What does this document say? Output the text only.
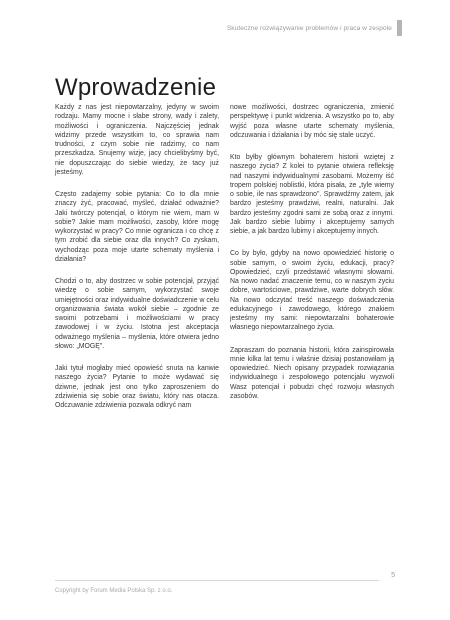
Skuteczne rozwiązywanie problemów i praca w zespole
Wprowadzenie

Każdy z nas jest niepowtarzalny, jedyny w swoim rodzaju. Mamy mocne i słabe strony, wady i zalety, możliwości i ograniczenia. Najczęściej jednak widzimy przede wszystkim to, co sprawia nam trudności, z czym sobie nie radzimy, co nam przeszkadza. Snujemy wizje, jacy chcielibyśmy być, nie dopuszczając do siebie wiedzy, że tacy już jesteśmy.

Często zadajemy sobie pytania: Co to dla mnie znaczy żyć, pracować, myśleć, działać odważnie? Jaki twórczy potencjał, o którym nie wiem, mam w sobie? Jakie mam możliwości, zasoby, które mogę wykorzystać w pracy? Co mnie ogranicza i co chcę z tym zrobić dla siebie oraz dla innych? Co zyskam, wychodząc poza moje utarte schematy myślenia i działania?

Chodzi o to, aby dostrzec w sobie potencjał, przyjąć wiedzę o sobie samym, wykorzystać swoje umiejętności oraz indywidualne doświadczenie w celu organizowania świata wokół siebie – zgodnie ze swoimi potrzebami i możliwościami w pracy zawodowej i w życiu. Istotna jest akceptacja odważnego myślenia – myślenia, które otwiera jedno słowo: „MOGĘ".

Jaki tytuł mogłaby mieć opowieść snuta na kanwie naszego życia? Pytanie to może wydawać się dziwne, jednak jest ono tylko zaproszeniem do zdziwienia się sobie oraz światu, który nas otacza. Odczuwanie zdziwienia pozwala odkryć nam

nowe możliwości, dostrzec ograniczenia, zmienić perspektywę i punkt widzenia. A wszystko po to, aby wyjść poza własne utarte schematy myślenia, odczuwania i działania i by móc się stale uczyć.

Kto byłby głównym bohaterem historii wziętej z naszego życia? Z kolei to pytanie otwiera refleksję nad naszymi indywidualnymi zasobami. Możemy iść tropem polskiej noblistki, która pisała, że „tyle wiemy o sobie, ile nas sprawdzono". Sprawdźmy zatem, jak bardzo jesteśmy prawdziwi, realni, naturalni. Jak bardzo jesteśmy zgodni sami ze sobą oraz z innymi. Jak bardzo siebie lubimy i akceptujemy samych siebie, a jak bardzo lubimy i akceptujemy innych.

Co by było, gdyby na nowo opowiedzieć historię o sobie samym, o swoim życiu, edukacji, pracy? Opowiedzieć, czyli przedstawić własnymi słowami. Na nowo nadać znaczenie temu, co w naszym życiu dobre, wartościowe, prawdziwe, warte dobrych słów. Na nowo odczytać treść naszego doświadczenia edukacyjnego i zawodowego, którego znakiem jesteśmy my sami: niepowtarzalni bohaterowie własnego niepowtarzalnego życia.

Zapraszam do poznania historii, która zainspirowała mnie kilka lat temu i właśnie dzisiaj postanowiłam ją opowiedzieć. Niech opisany przypadek rozwiązania indywidualnego i zespołowego potencjału wyzwoli Wasz potencjał i pobudzi chęć rozwoju własnych zasobów.

5
Copyright by Forum Media Polska Sp. z o.o.
